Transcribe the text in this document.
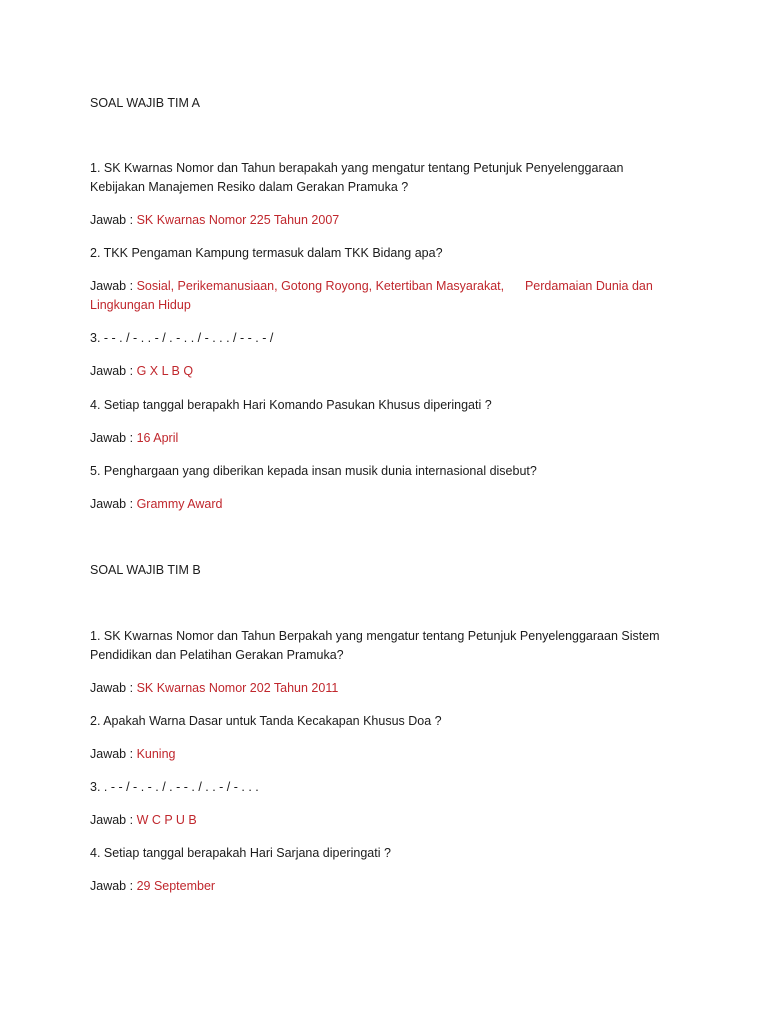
SOAL WAJIB TIM A
1. SK Kwarnas Nomor dan Tahun berapakah yang mengatur tentang Petunjuk Penyelenggaraan Kebijakan Manajemen Resiko dalam Gerakan Pramuka ?
Jawab : SK Kwarnas Nomor 225 Tahun 2007
2. TKK Pengaman Kampung termasuk dalam TKK Bidang apa?
Jawab : Sosial, Perikemanusiaan, Gotong Royong, Ketertiban Masyarakat,      Perdamaian Dunia dan Lingkungan Hidup
3. - - . / - . . - / . - . . / - . . . / - - . - /
Jawab : G X L B Q
4. Setiap tanggal berapakh Hari Komando Pasukan Khusus diperingati ?
Jawab : 16 April
5. Penghargaan yang diberikan kepada insan musik dunia internasional disebut?
Jawab : Grammy Award
SOAL WAJIB TIM B
1. SK Kwarnas Nomor dan Tahun Berpakah yang mengatur tentang Petunjuk Penyelenggaraan Sistem Pendidikan dan Pelatihan Gerakan Pramuka?
Jawab : SK Kwarnas Nomor 202 Tahun 2011
2. Apakah Warna Dasar untuk Tanda Kecakapan Khusus Doa ?
Jawab : Kuning
3. . - - / - . - . / . - - . / . . - / - . . .
Jawab : W C P U B
4. Setiap tanggal berapakah Hari Sarjana diperingati ?
Jawab : 29 September
